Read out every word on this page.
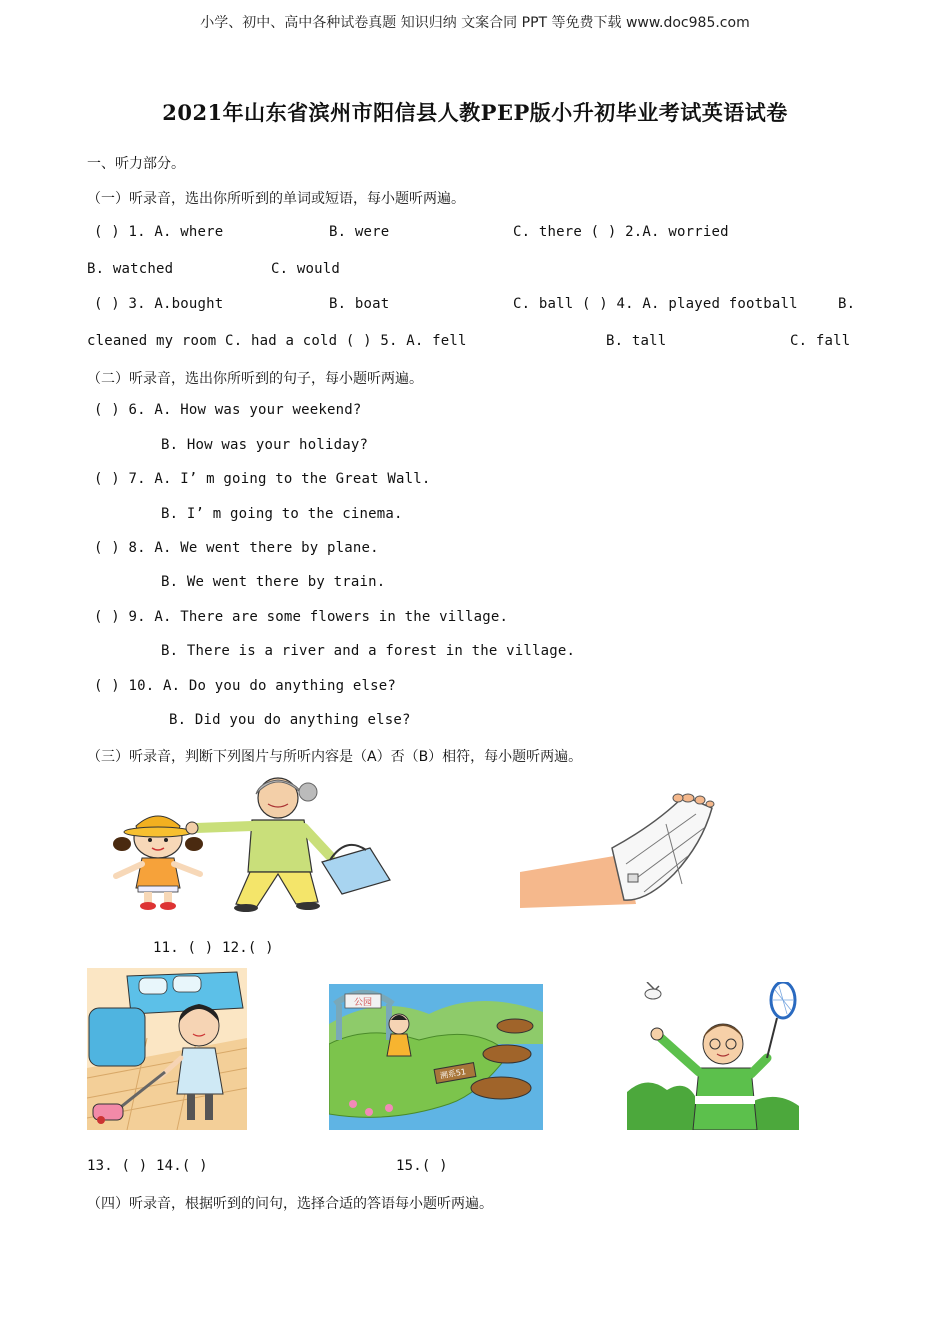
小学、初中、高中各种试卷真题 知识归纳 文案合同 PPT 等免费下载 www.doc985.com
2021年山东省滨州市阳信县人教PEP版小升初毕业考试英语试卷
一、听力部分。
（一）听录音，选出你所听到的单词或短语，每小题听两遍。
( ) 1. A. where	B. were	C. there ( ) 2.A. worried
B. watched	C. would
( ) 3. A.bought	B. boat	C. ball ( ) 4. A. played football	B.
cleaned my room C. had a cold ( ) 5. A. fell	B. tall	C. fall
（二）听录音，选出你所听到的句子，每小题听两遍。
( ) 6. A. How was your weekend?
B. How was your holiday?
( ) 7. A. I’ m going to the Great Wall.
B. I’ m going to the cinema.
( ) 8. A. We went there by plane.
B. We went there by train.
( ) 9. A. There are some flowers in the village.
B. There is a river and a forest in the village.
( ) 10. A. Do you do anything else?
B. Did you do anything else?
（三）听录音，判断下列图片与所听内容是（A）否（B）相符，每小题听两遍。
11. ( ) 12.( )
公园
溯系51
13. ( ) 14.( )	15.( )
（四）听录音，根据听到的问句，选择合适的答语每小题听两遍。
